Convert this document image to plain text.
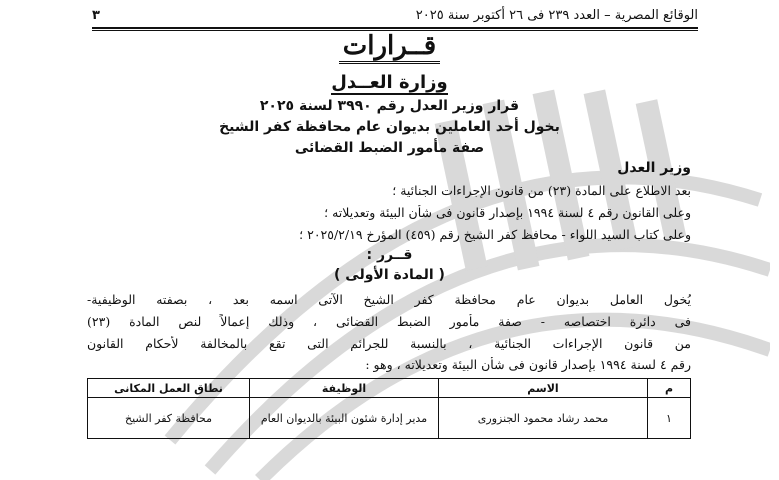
الوقائع المصرية – العدد ٢٣٩ فى ٢٦ أكتوبر سنة ٢٠٢٥
٣
قــرارات
وزارة العــدل
قرار وزير العدل رقم ٣٩٩٠ لسنة ٢٠٢٥
بخول أحد العاملين بديوان عام محافظة كفر الشيخ
صفة مأمور الضبط القضائى
وزير العدل
بعد الاطلاع على المادة (٢٣) من قانون الإجراءات الجنائية ؛
وعلى القانون رقم ٤ لسنة ١٩٩٤ بإصدار قانون فى شأن البيئة وتعديلاته ؛
وعلى كتاب السيد اللواء - محافظ كفر الشيخ رقم (٤٥٩) المؤرخ ٢٠٢٥/٢/١٩ ؛
قــرر :
( المادة الأولى )
يُخول العامل بديوان عام محافظة كفر الشيخ الآتى اسمه بعد ، بصفته الوظيفية-
فى دائرة اختصاصه - صفة مأمور الضبط القضائى ، وذلك إعمالاً لنص المادة (٢٣)
من قانون الإجراءات الجنائية ، بالنسبة للجرائم التى تقع بالمخالفة لأحكام القانون
رقم ٤ لسنة ١٩٩٤ بإصدار قانون فى شأن البيئة وتعديلاته ، وهو :
م	الاسم	الوظيفة	نطاق العمل المكانى
١	محمد رشاد محمود الجنزورى	مدير إدارة شئون البيئة بالديوان العام	محافظة كفر الشيخ
